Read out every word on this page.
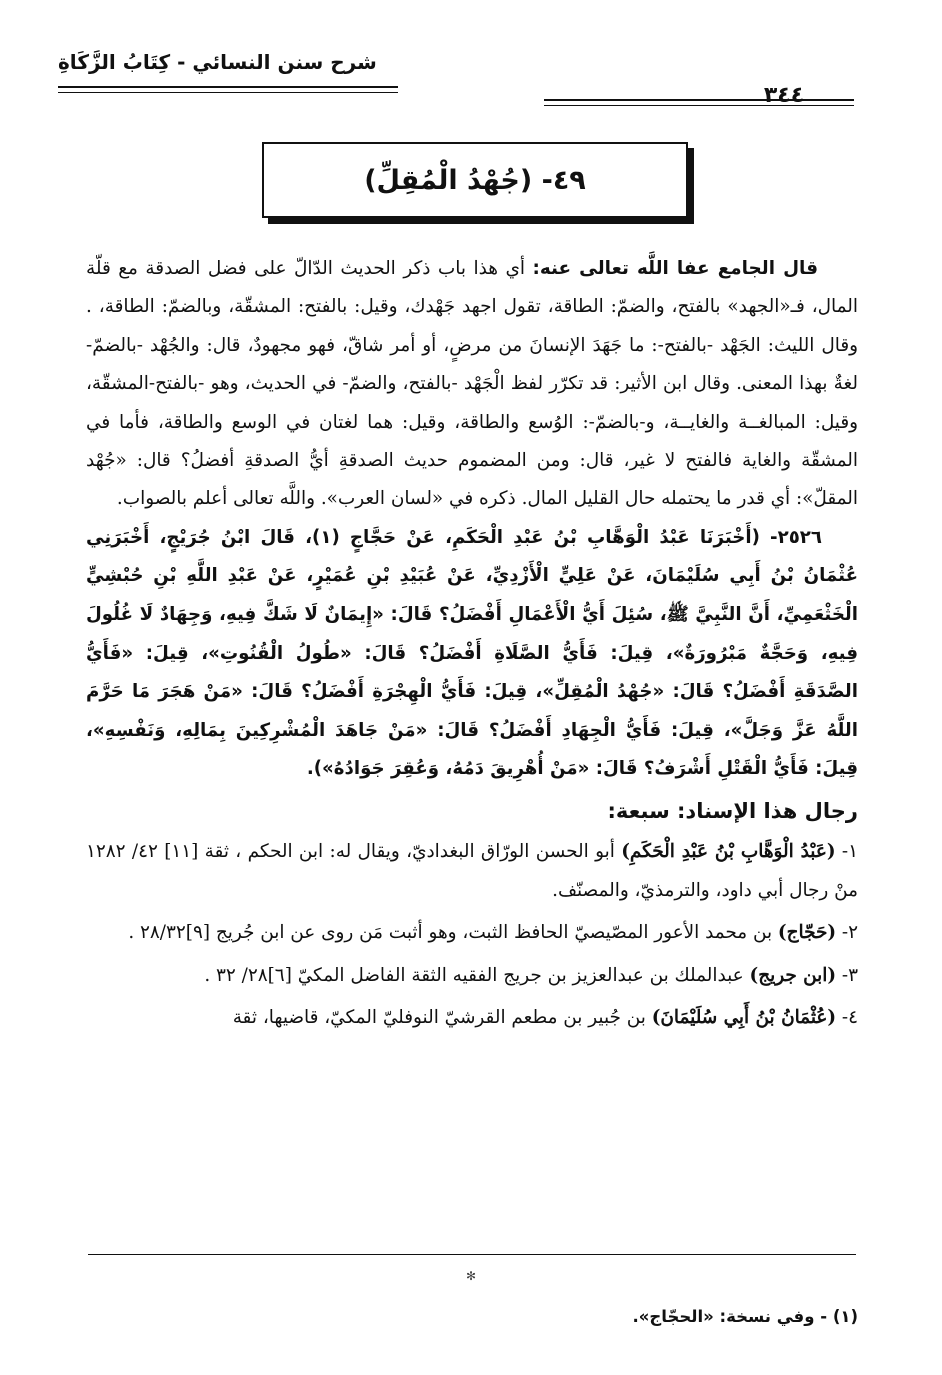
شرح سنن النسائي - كِتَابُ الزَّكَاةِ
٣٤٤
٤٩- (جُهْدُ الْمُقِلِّ)

قال الجامع عفا اللَّه تعالى عنه: أي هذا باب ذكر الحديث الدّالّ على فضل الصدقة مع قلّة المال، فـ«الجهد» بالفتح، والضمّ: الطاقة، تقول اجهد جَهْدك، وقيل: بالفتح: المشقّة، وبالضمّ: الطاقة، . وقال الليث: الجَهْد -بالفتح-: ما جَهَدَ الإنسانَ من مرضٍ، أو أمر شاقّ، فهو مجهودٌ، قال: والجُهْد -بالضمّ- لغةٌ بهذا المعنى. وقال ابن الأثير: قد تكرّر لفظ الْجَهْد -بالفتح، والضمّ- في الحديث، وهو -بالفتح-المشقّة، وقيل: المبالغــة والغايــة، و-بالضمّ-: الوُسع والطاقة، وقيل: هما لغتان في الوسع والطاقة، فأما في المشقّة والغاية فالفتح لا غير، قال: ومن المضموم حديث الصدقةِ أيُّ الصدقةِ أفضلُ؟ قال: «جُهْد المقلّ»: أي قدر ما يحتمله حال القليل المال. ذكره في «لسان العرب». واللَّه تعالى أعلم بالصواب.

٢٥٢٦- (أَخْبَرَنَا عَبْدُ الْوَهَّابِ بْنُ عَبْدِ الْحَكَمِ، عَنْ حَجَّاجٍ (١)، قَالَ ابْنُ جُرَيْجٍ، أَخْبَرَنِي عُثْمَانُ بْنُ أَبِي سُلَيْمَانَ، عَنْ عَلِيٍّ الْأَزْدِيِّ، عَنْ عُبَيْدِ بْنِ عُمَيْرٍ، عَنْ عَبْدِ اللَّهِ بْنِ حُبْشِيٍّ الْخَثْعَمِيِّ، أَنَّ النَّبِيَّ ﷺ، سُئِلَ أَيُّ الْأَعْمَالِ أَفْضَلُ؟ قَالَ: «إِيمَانٌ لَا شَكَّ فِيهِ، وَجِهَادٌ لَا غُلُولَ فِيهِ، وَحَجَّةٌ مَبْرُورَةٌ»، قِيلَ: فَأَيُّ الصَّلَاةِ أَفْضَلُ؟ قَالَ: «طُولُ الْقُنُوتِ»، قِيلَ: «فَأَيُّ الصَّدَقَةِ أَفْضَلُ؟ قَالَ: «جُهْدُ الْمُقِلِّ»، قِيلَ: فَأَيُّ الْهِجْرَةِ أَفْضَلُ؟ قَالَ: «مَنْ هَجَرَ مَا حَرَّمَ اللَّهُ عَزَّ وَجَلَّ»، قِيلَ: فَأَيُّ الْجِهَادِ أَفْضَلُ؟ قَالَ: «مَنْ جَاهَدَ الْمُشْرِكِينَ بِمَالِهِ، وَنَفْسِهِ»، قِيلَ: فَأَيُّ الْقَتْلِ أَشْرَفُ؟ قَالَ: «مَنْ أُهْرِيقَ دَمُهُ، وَعُقِرَ جَوَادُهُ»).

رجال هذا الإسناد: سبعة:

١- (عَبْدُ الْوَهَّابِ بْنُ عَبْدِ الْحَكَمِ) أبو الحسن الورّاق البغداديّ، ويقال له: ابن الحكم ، ثقة [١١] ٤٢/ ١٢٨٢ منْ رجال أبي داود، والترمذيّ، والمصنّف.

٢- (حَجّاج) بن محمد الأعور المصّيصيّ الحافظ الثبت، وهو أثبت مَن روى عن ابن جُريج [٩]٢٨/٣٢ .

٣- (ابن جريج) عبدالملك بن عبدالعزيز بن جريج الفقيه الثقة الفاضل المكيّ [٦]٢٨/ ٣٢ .

٤- (عُثْمَانُ بْنُ أَبِي سُلَيْمَانَ) بن جُبير بن مطعم القرشيّ النوفليّ المكيّ، قاضيها، ثقة

✻
(١) - وفي نسخة: «الحجّاج».
